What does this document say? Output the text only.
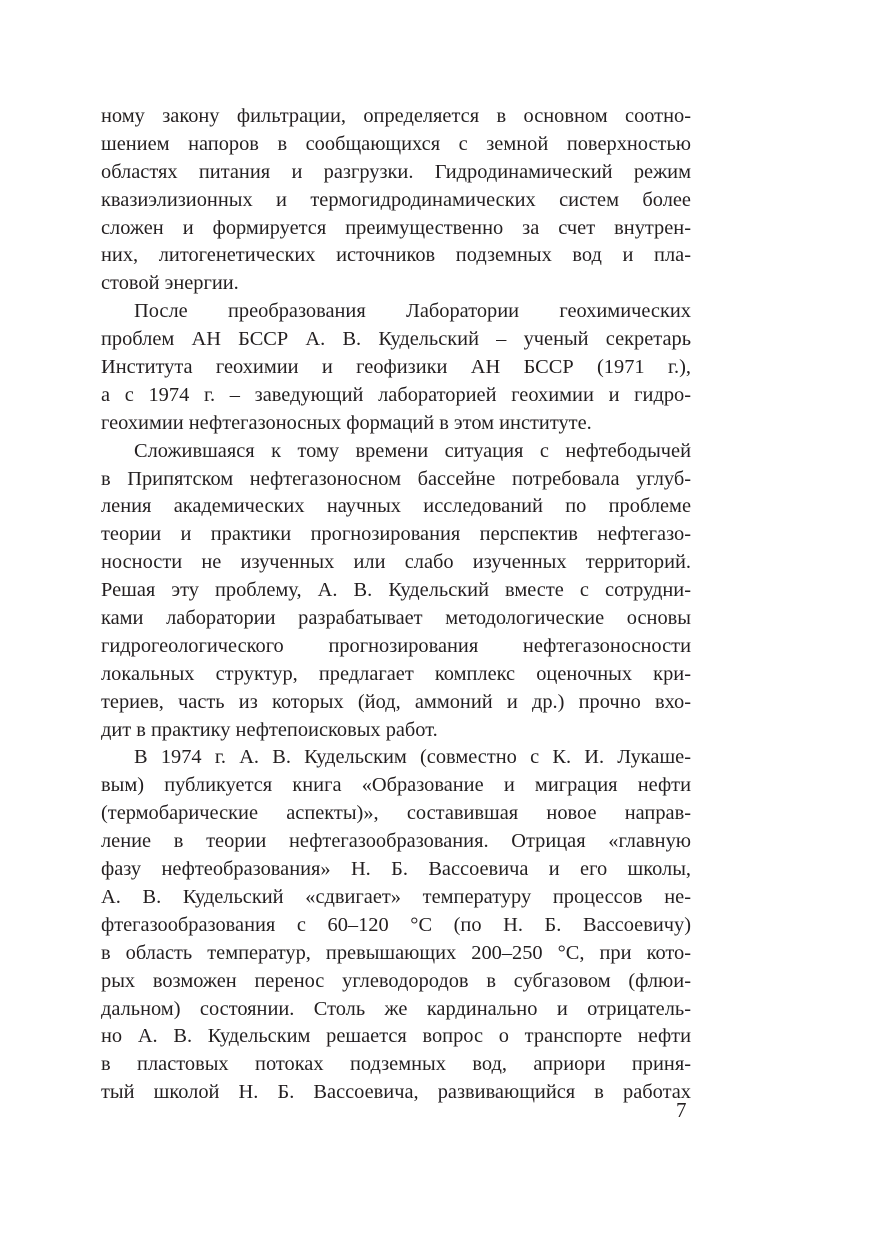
ному закону фильтрации, определяется в основном соотно-
шением напоров в сообщающихся с земной поверхностью
областях питания и разгрузки. Гидродинамический режим
квазиэлизионных и термогидродинамических систем более
сложен и формируется преимущественно за счет внутрен-
них, литогенетических источников подземных вод и пла-
стовой энергии.

После преобразования Лаборатории геохимических
проблем АН БССР А. В. Кудельский – ученый секретарь
Института геохимии и геофизики АН БССР (1971 г.),
а с 1974 г. – заведующий лабораторией геохимии и гидро-
геохимии нефтегазоносных формаций в этом институте.

Сложившаяся к тому времени ситуация с нефтебодычей
в Припятском нефтегазоносном бассейне потребовала углуб-
ления академических научных исследований по проблеме
теории и практики прогнозирования перспектив нефтегазо-
носности не изученных или слабо изученных территорий.
Решая эту проблему, А. В. Кудельский вместе с сотрудни-
ками лаборатории разрабатывает методологические основы
гидрогеологического прогнозирования нефтегазоносности
локальных структур, предлагает комплекс оценочных кри-
териев, часть из которых (йод, аммоний и др.) прочно вхо-
дит в практику нефтепоисковых работ.

В 1974 г. А. В. Кудельским (совместно с К. И. Лукаше-
вым) публикуется книга «Образование и миграция нефти
(термобарические аспекты)», составившая новое направ-
ление в теории нефтегазообразования. Отрицая «главную
фазу нефтеобразования» Н. Б. Вассоевича и его школы,
А. В. Кудельский «сдвигает» температуру процессов не-
фтегазообразования с 60–120 °С (по Н. Б. Вассоевичу)
в область температур, превышающих 200–250 °С, при кото-
рых возможен перенос углеводородов в субгазовом (флюи-
дальном) состоянии. Столь же кардинально и отрицатель-
но А. В. Кудельским решается вопрос о транспорте нефти
в пластовых потоках подземных вод, априори приня-
тый школой Н. Б. Вассоевича, развивающийся в работах

7
